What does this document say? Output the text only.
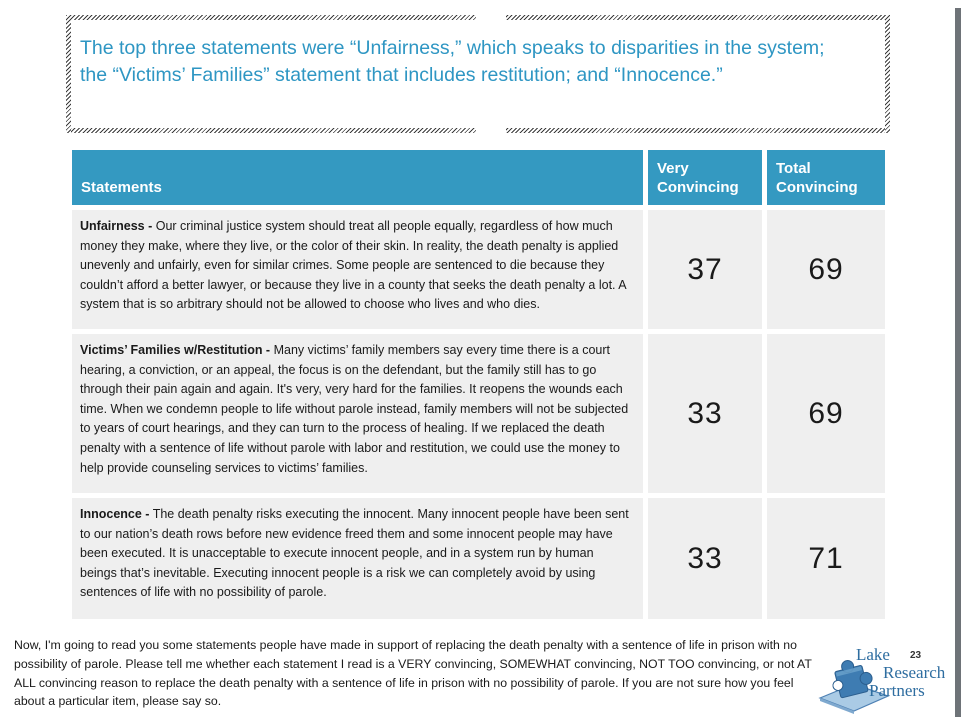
The top three statements were “Unfairness,” which speaks to disparities in the system; the “Victims’ Families” statement that includes restitution; and “Innocence.”
Statements
Very Convincing
Total Convincing
Unfairness - Our criminal justice system should treat all people equally, regardless of how much money they make, where they live, or the color of their skin. In reality, the death penalty is applied unevenly and unfairly, even for similar crimes. Some people are sentenced to die because they couldn’t afford a better lawyer, or because they live in a county that seeks the death penalty a lot. A system that is so arbitrary should not be allowed to choose who lives and who dies.
37	69
Victims’ Families w/Restitution - Many victims’ family members say every time there is a court hearing, a conviction, or an appeal, the focus is on the defendant, but the family still has to go through their pain again and again. It's very, very hard for the families. It reopens the wounds each time. When we condemn people to life without parole instead, family members will not be subjected to years of court hearings, and they can turn to the process of healing. If we replaced the death penalty with a sentence of life without parole with labor and restitution, we could use the money to help provide counseling services to victims’ families.
33	69
Innocence - The death penalty risks executing the innocent. Many innocent people have been sent to our nation’s death rows before new evidence freed them and some innocent people may have been executed. It is unacceptable to execute innocent people, and in a system run by human beings that’s inevitable. Executing innocent people is a risk we can completely avoid by using sentences of life with no possibility of parole.
33	71
Now, I'm going to read you some statements people have made in support of replacing the death penalty with a sentence of life in prison with no possibility of parole. Please tell me whether each statement I read is a VERY convincing, SOMEWHAT convincing, NOT TOO convincing, or not AT ALL convincing reason to replace the death penalty with a sentence of life in prison with no possibility of parole. If you are not sure how you feel about a particular item, please say so.
23
Lake
Research
Partners
